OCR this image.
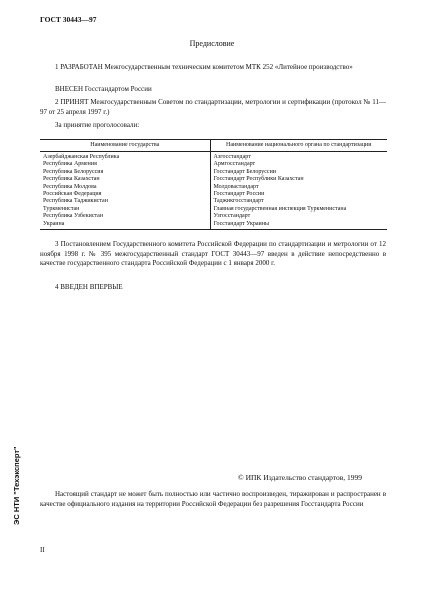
ГОСТ 30443—97
Предисловие

1 РАЗРАБОТАН Межгосударственным техническим комитетом МТК 252 «Литейное производство»

ВНЕСЕН Госстандартом России

2 ПРИНЯТ Межгосударственным Советом по стандартизации, метрологии и сертификации (протокол № 11—97 от 25 апреля 1997 г.)

За принятие проголосовали:

Наименование государства	Наименование национального органа по стандартизации
Азербайджанская Республика	Азгосстандарт
Республика Армения	Армгосстандарт
Республика Белоруссия	Госстандарт Белоруссии
Республика Казахстан	Госстандарт Республики Казахстан
Республика Молдова	Молдовастандарт
Российская Федерация	Госстандарт России
Республика Таджикистан	Таджикгосстандарт
Туркменистан	Главная государственная инспекция Туркменистана
Республика Узбекистан	Узгосстандарт
Украина	Госстандарт Украины

3 Постановлением Государственного комитета Российской Федерации по стандартизации и метрологии от 12 ноября 1998 г. № 395 межгосударственный стандарт ГОСТ 30443—97 введен в действие непосредственно в качестве государственного стандарта Российской Федерации с 1 января 2000 г.

4 ВВЕДЕН ВПЕРВЫЕ

© ИПК Издательство стандартов, 1999

Настоящий стандарт не может быть полностью или частично воспроизведен, тиражирован и распространен в качестве официального издания на территории Российской Федерации без разрешения Госстандарта России

II
ЭС НТИ "Техэксперт"
